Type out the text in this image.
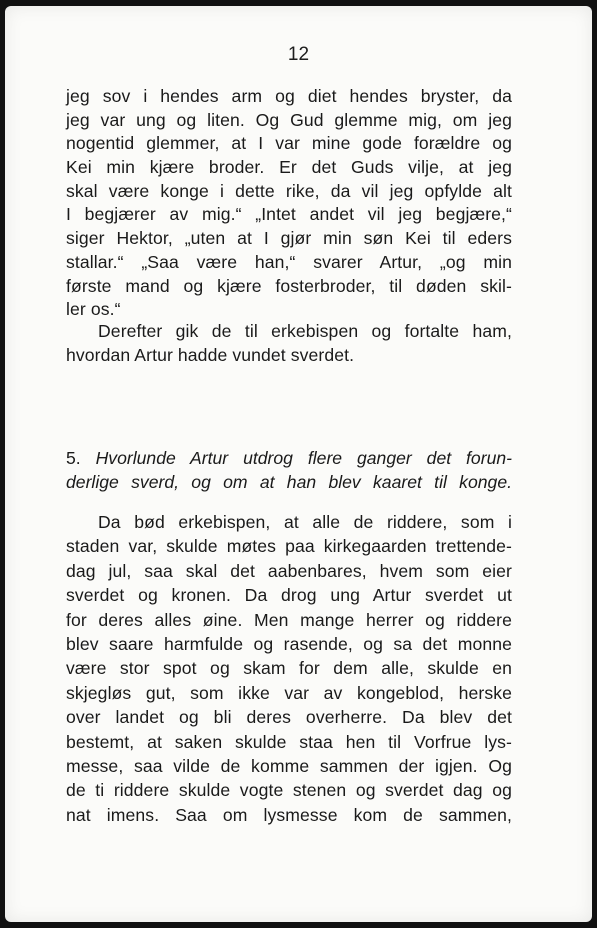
12
jeg sov i hendes arm og diet hendes bryster, da
jeg var ung og liten. Og Gud glemme mig, om jeg
nogentid glemmer, at I var mine gode forældre og
Kei min kjære broder. Er det Guds vilje, at jeg
skal være konge i dette rike, da vil jeg opfylde alt
I begjærer av mig.“ „Intet andet vil jeg begjære,“
siger Hektor, „uten at I gjør min søn Kei til eders
stallar.“ „Saa være han,“ svarer Artur, „og min
første mand og kjære fosterbroder, til døden skil-
ler os.“
Derefter gik de til erkebispen og fortalte ham,
hvordan Artur hadde vundet sverdet.
5. Hvorlunde Artur utdrog flere ganger det forun-
derlige sverd, og om at han blev kaaret til konge.
Da bød erkebispen, at alle de riddere, som i
staden var, skulde møtes paa kirkegaarden trettende-
dag jul, saa skal det aabenbares, hvem som eier
sverdet og kronen. Da drog ung Artur sverdet ut
for deres alles øine. Men mange herrer og riddere
blev saare harmfulde og rasende, og sa det monne
være stor spot og skam for dem alle, skulde en
skjegløs gut, som ikke var av kongeblod, herske
over landet og bli deres overherre. Da blev det
bestemt, at saken skulde staa hen til Vorfrue lys-
messe, saa vilde de komme sammen der igjen. Og
de ti riddere skulde vogte stenen og sverdet dag og
nat imens. Saa om lysmesse kom de sammen,
